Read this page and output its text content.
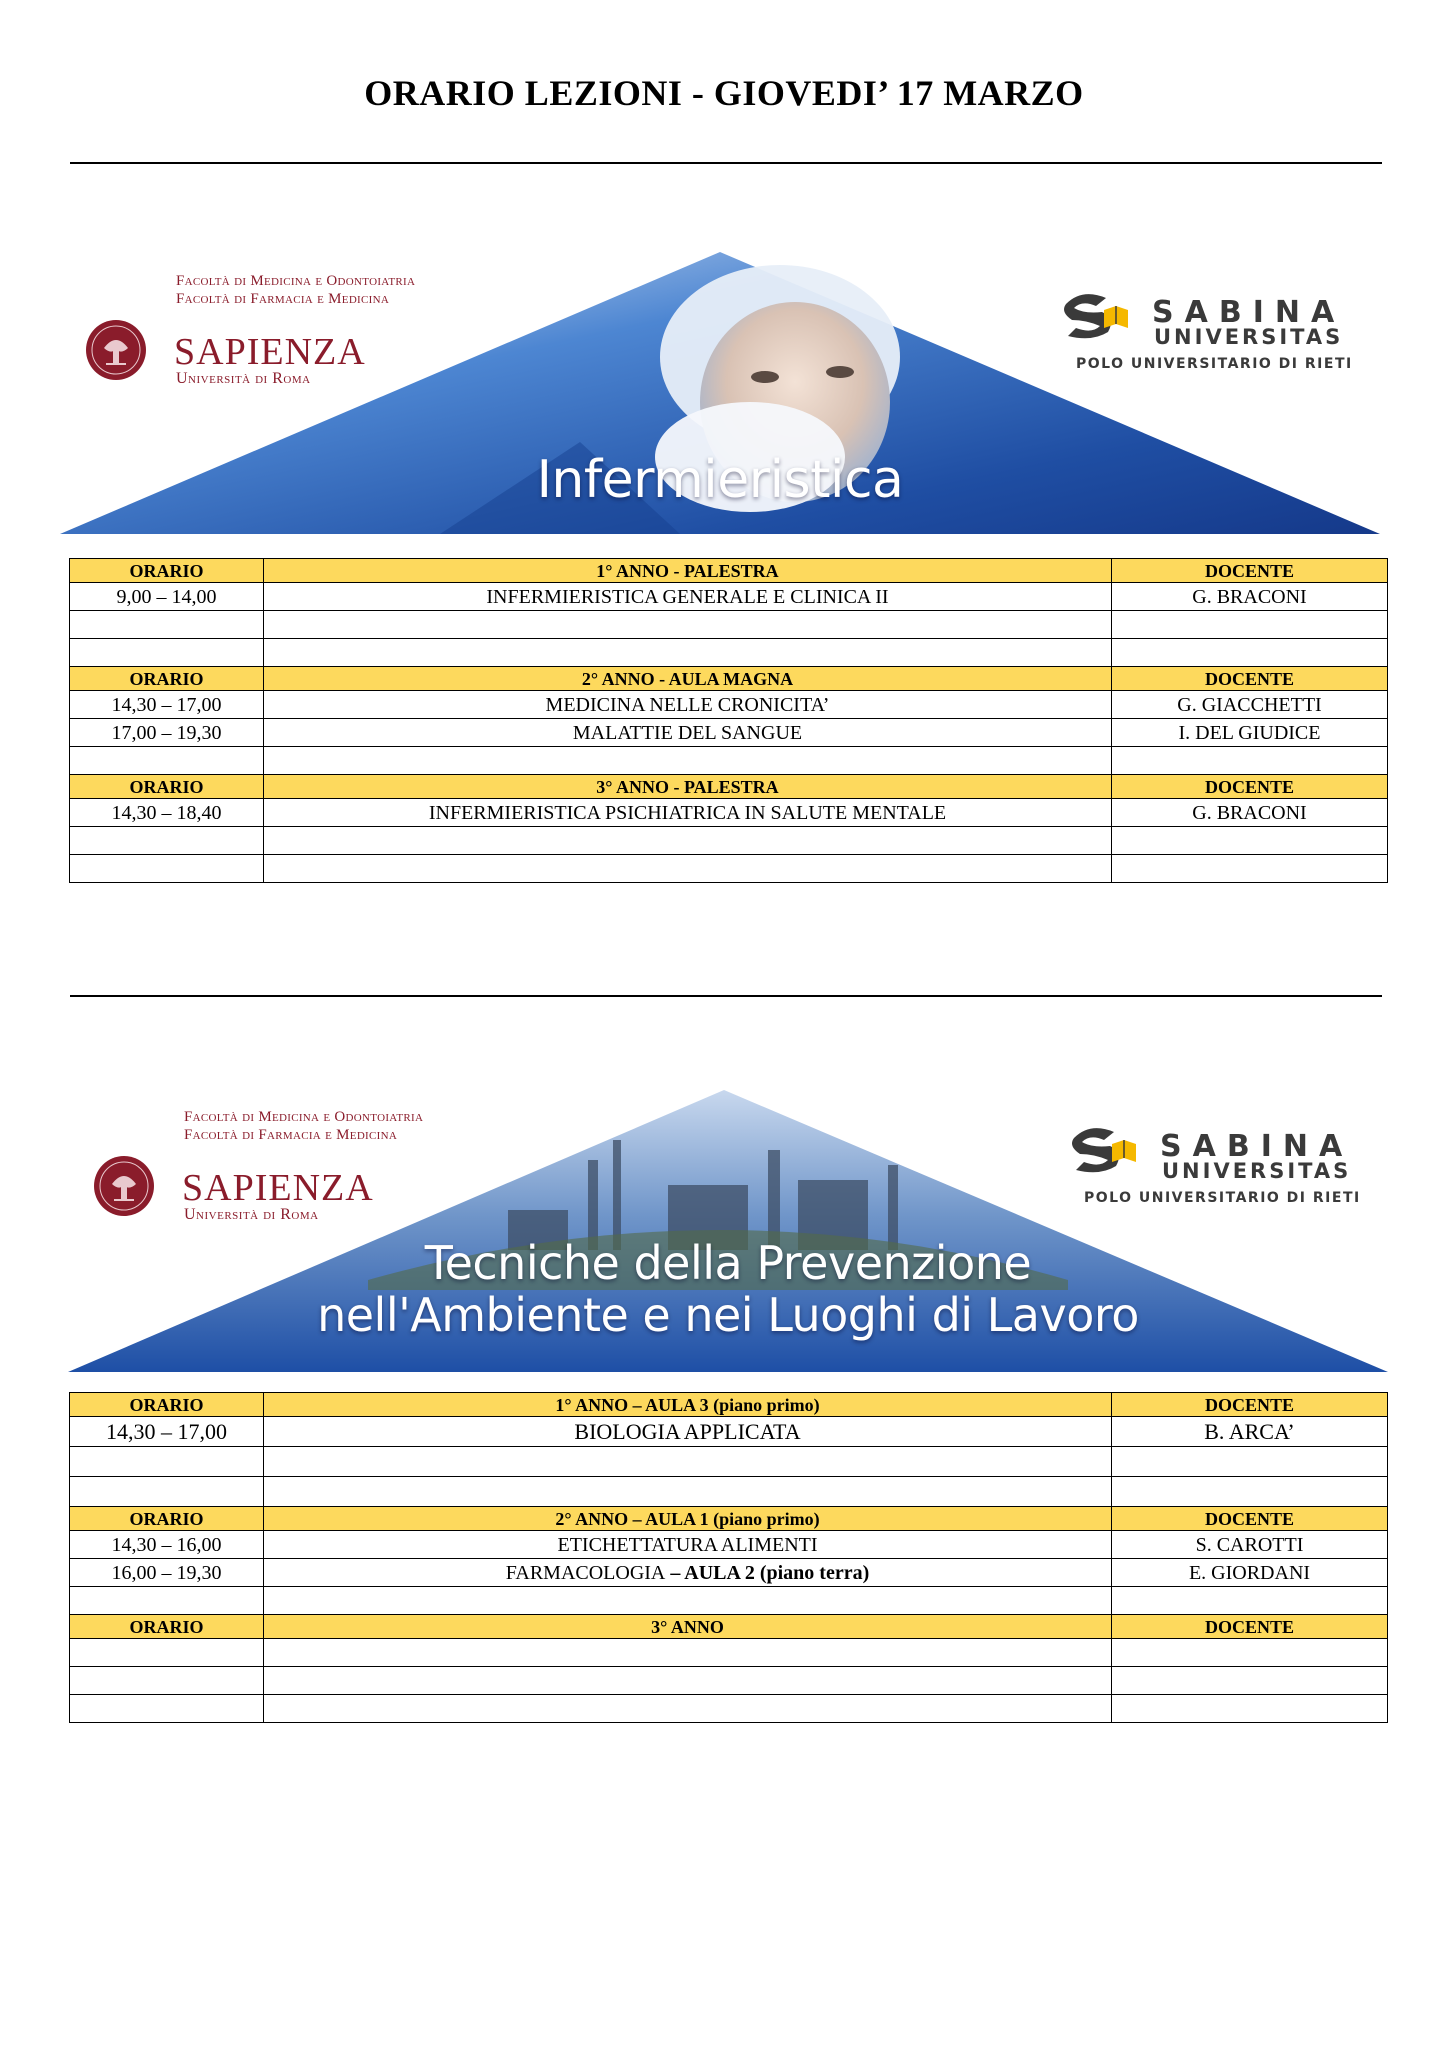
ORARIO LEZIONI - GIOVEDI’ 17 MARZO
Facoltà di Medicina e Odontoiatria
Facoltà di Farmacia e Medicina
SAPIENZA
Università di Roma
SABINA
UNIVERSITAS
POLO UNIVERSITARIO DI RIETI
Infermieristica
ORARIO	1° ANNO - PALESTRA	DOCENTE
9,00 – 14,00	INFERMIERISTICA GENERALE E CLINICA II	G. BRACONI

ORARIO	2° ANNO - AULA MAGNA	DOCENTE
14,30 – 17,00	MEDICINA NELLE CRONICITA’	G. GIACCHETTI
17,00 – 19,30	MALATTIE DEL SANGUE	I. DEL GIUDICE

ORARIO	3° ANNO - PALESTRA	DOCENTE
14,30 – 18,40	INFERMIERISTICA PSICHIATRICA IN SALUTE MENTALE	G. BRACONI

Facoltà di Medicina e Odontoiatria
Facoltà di Farmacia e Medicina
SAPIENZA
Università di Roma
SABINA
UNIVERSITAS
POLO UNIVERSITARIO DI RIETI
Tecniche della Prevenzione
nell'Ambiente e nei Luoghi di Lavoro
ORARIO	1° ANNO – AULA 3 (piano primo)	DOCENTE
14,30 – 17,00	BIOLOGIA APPLICATA	B. ARCA’

ORARIO	2° ANNO – AULA 1 (piano primo)	DOCENTE
14,30 – 16,00	ETICHETTATURA ALIMENTI	S. CAROTTI
16,00 – 19,30	FARMACOLOGIA – AULA 2 (piano terra)	E. GIORDANI

ORARIO	3° ANNO	DOCENTE
